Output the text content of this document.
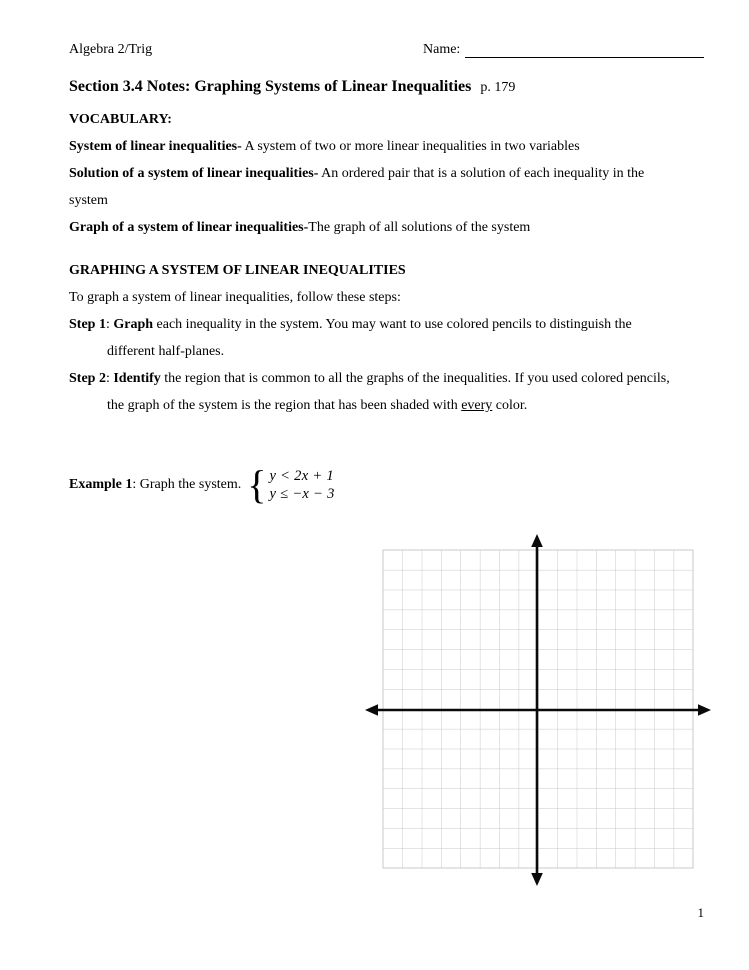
Algebra 2/Trig	Name:
Section 3.4 Notes: Graphing Systems of Linear Inequalities p. 179
VOCABULARY:
System of linear inequalities- A system of two or more linear inequalities in two variables
Solution of a system of linear inequalities- An ordered pair that is a solution of each inequality in the
system
Graph of a system of linear inequalities-The graph of all solutions of the system
GRAPHING A SYSTEM OF LINEAR INEQUALITIES
To graph a system of linear inequalities, follow these steps:
Step 1: Graph each inequality in the system. You may want to use colored pencils to distinguish the
different half-planes.
Step 2: Identify the region that is common to all the graphs of the inequalities. If you used colored pencils,
the graph of the system is the region that has been shaded with every color.
Example 1: Graph the system. { y < 2x + 1
y ≤ −x − 3
1
